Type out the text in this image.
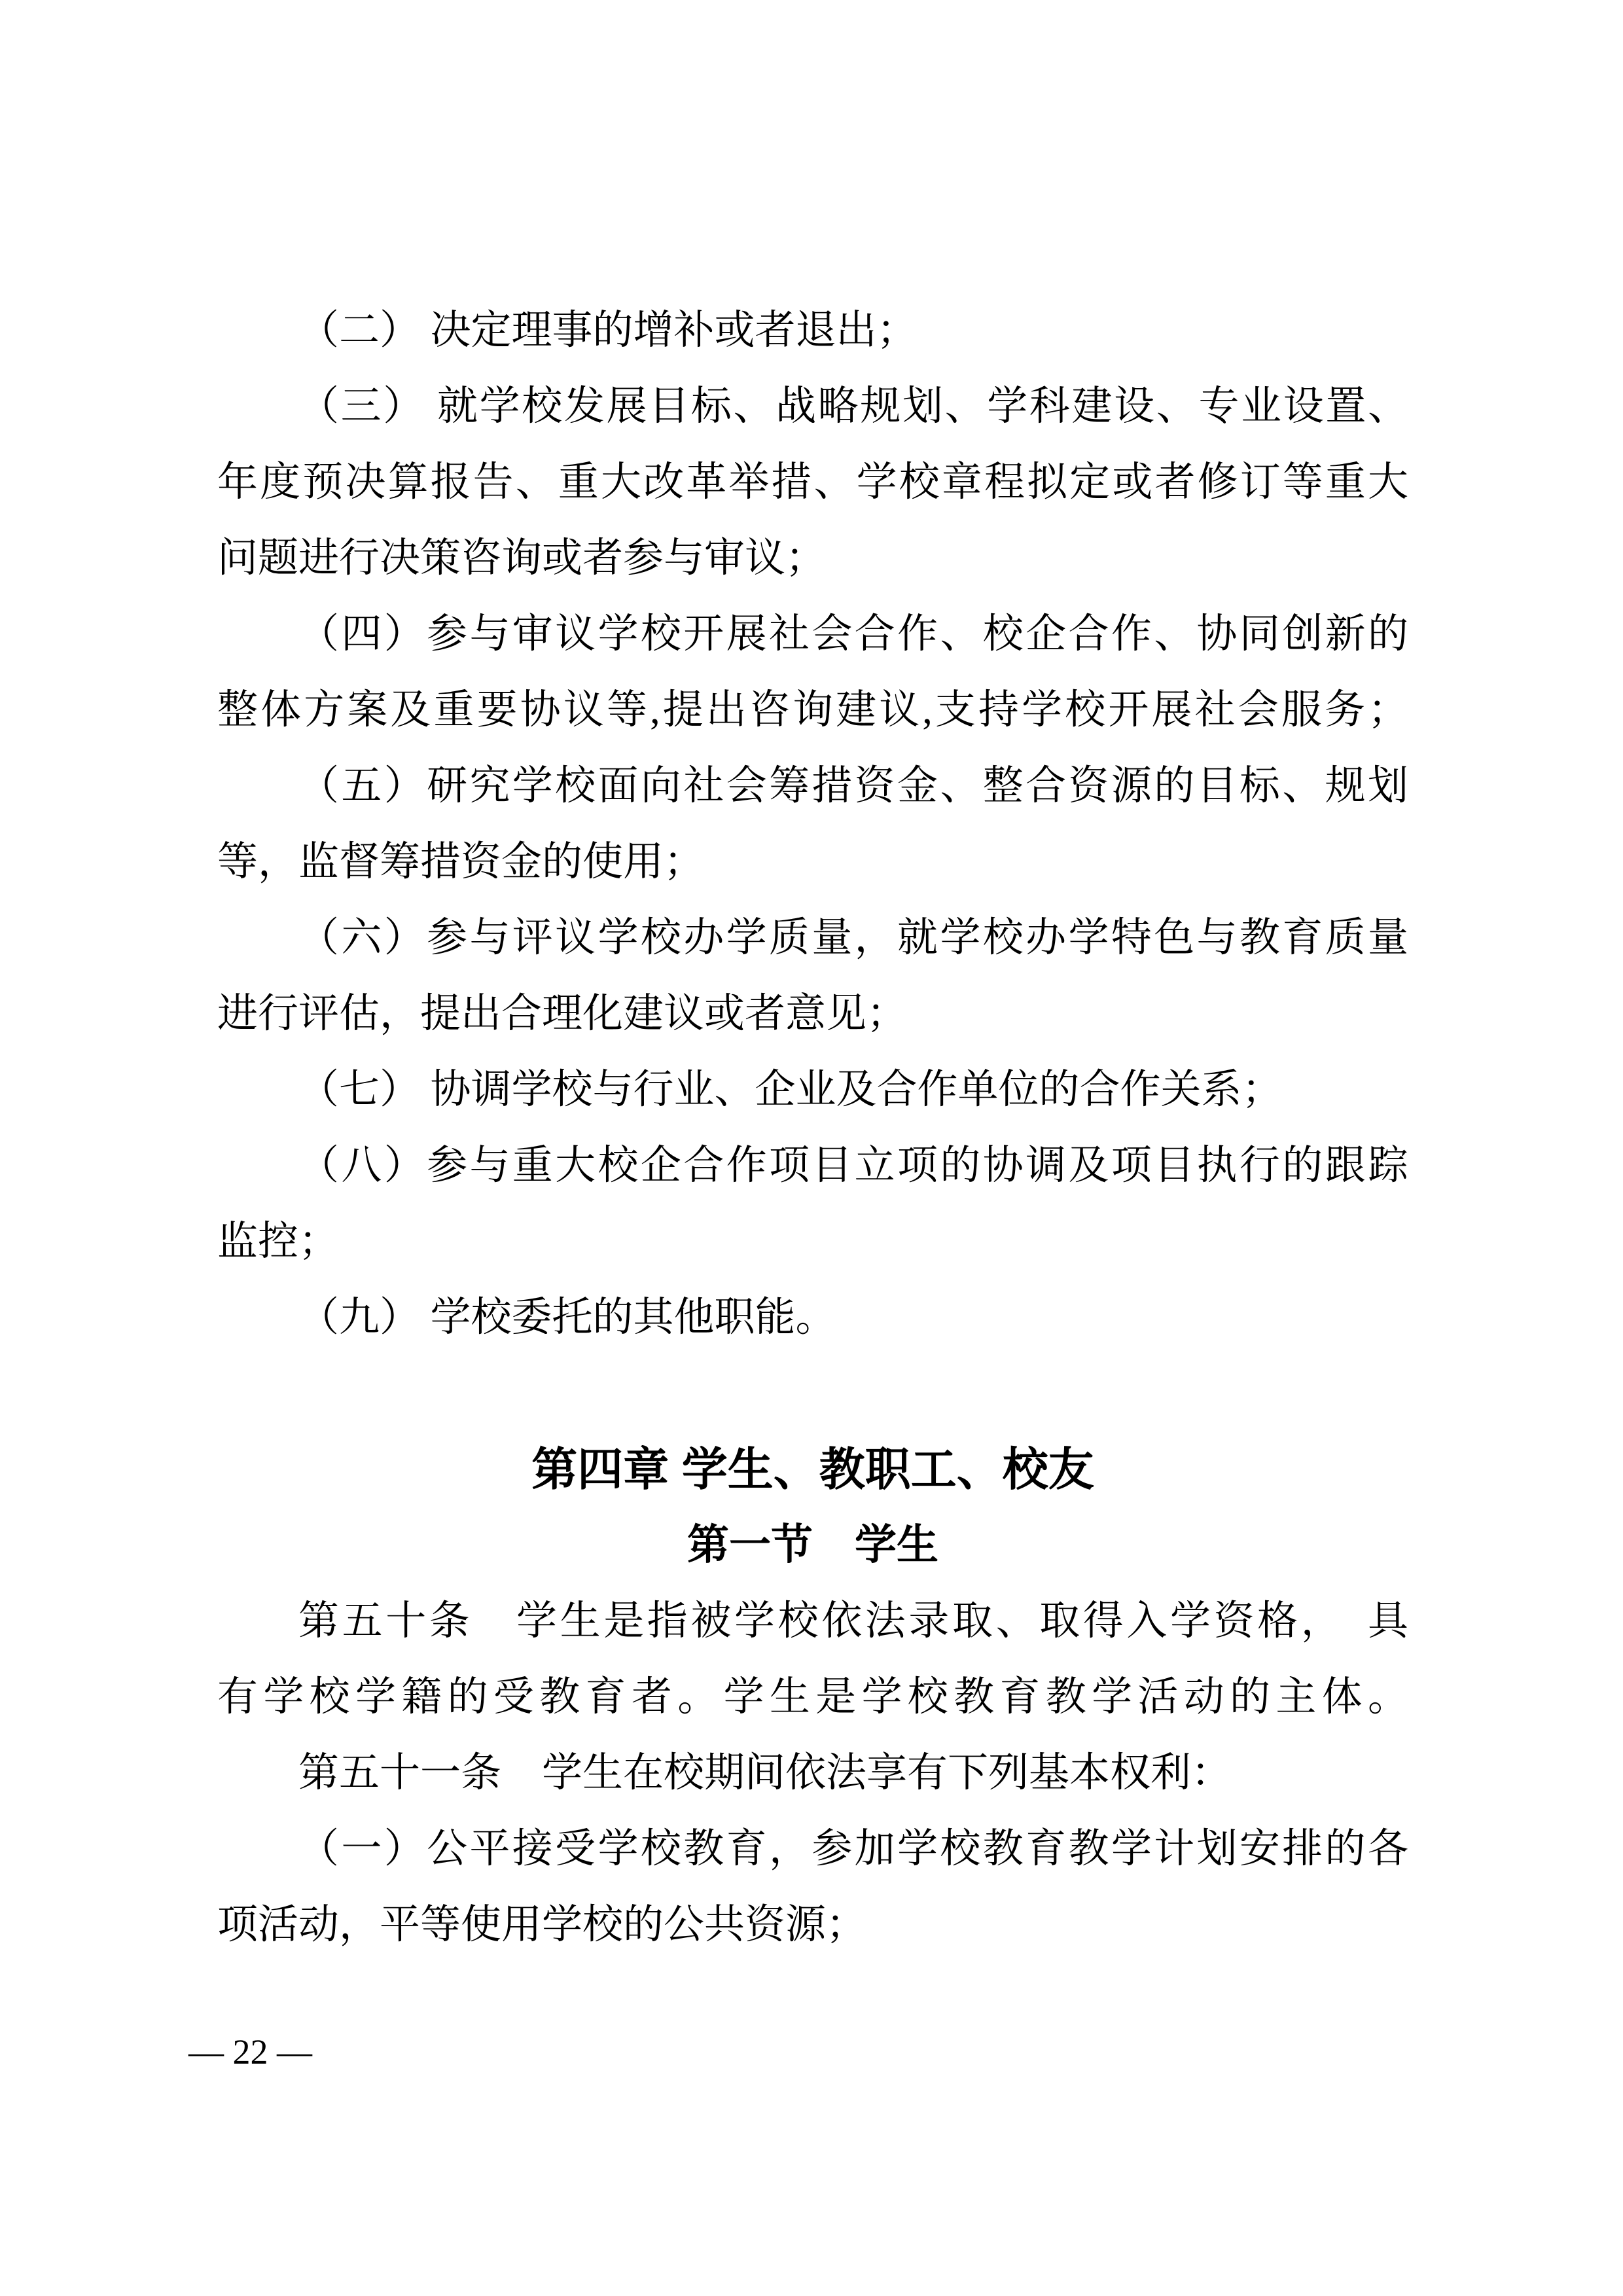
（二） 决定理事的增补或者退出；
（三） 就学校发展目标、战略规划、学科建设、专业设置、
年度预决算报告、重大改革举措、学校章程拟定或者修订等重大
问题进行决策咨询或者参与审议；
（四）参与审议学校开展社会合作、校企合作、协同创新的
整体方案及重要协议等,提出咨询建议,支持学校开展社会服务；
（五）研究学校面向社会筹措资金、整合资源的目标、规划
等，监督筹措资金的使用；
（六）参与评议学校办学质量，就学校办学特色与教育质量
进行评估，提出合理化建议或者意见；
（七） 协调学校与行业、企业及合作单位的合作关系；
（八）参与重大校企合作项目立项的协调及项目执行的跟踪
监控；
（九） 学校委托的其他职能。
第四章 学生、教职工、校友
第一节　学生
第五十条　学生是指被学校依法录取、取得入学资格，　具
有学校学籍的受教育者。学生是学校教育教学活动的主体。
第五十一条　学生在校期间依法享有下列基本权利：
（一）公平接受学校教育，参加学校教育教学计划安排的各
项活动，平等使用学校的公共资源；
— 22 —
